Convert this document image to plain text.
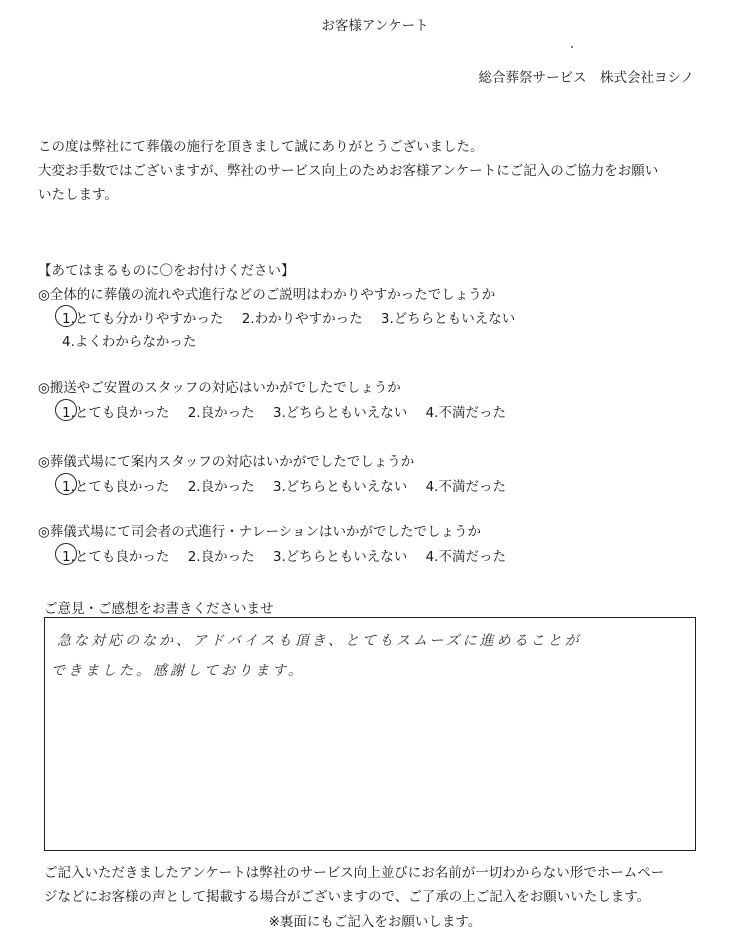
お客様アンケート
総合葬祭サービス　株式会社ヨシノ
この度は弊社にて葬儀の施行を頂きまして誠にありがとうございました。
大変お手数ではございますが、弊社のサービス向上のためお客様アンケートにご記入のご協力をお願い
いたします。
【あてはまるものに〇をお付けください】
◎全体的に葬儀の流れや式進行などのご説明はわかりやすかったでしょうか
1.とても分かりやすかった 2.わかりやすかった 3.どちらともいえない
4.よくわからなかった
◎搬送やご安置のスタッフの対応はいかがでしたでしょうか
1.とても良かった 2.良かった 3.どちらともいえない 4.不満だった
◎葬儀式場にて案内スタッフの対応はいかがでしたでしょうか
1.とても良かった 2.良かった 3.どちらともいえない 4.不満だった
◎葬儀式場にて司会者の式進行・ナレーションはいかがでしたでしょうか
1.とても良かった 2.良かった 3.どちらともいえない 4.不満だった
ご意見・ご感想をお書きくださいませ
急な対応のなか、アドバイスも頂き、とてもスムーズに進めることが
できました。感謝しております。
ご記入いただきましたアンケートは弊社のサービス向上並びにお名前が一切わからない形でホームペー
ジなどにお客様の声として掲載する場合がございますので、ご了承の上ご記入をお願いいたします。
※裏面にもご記入をお願いします。
